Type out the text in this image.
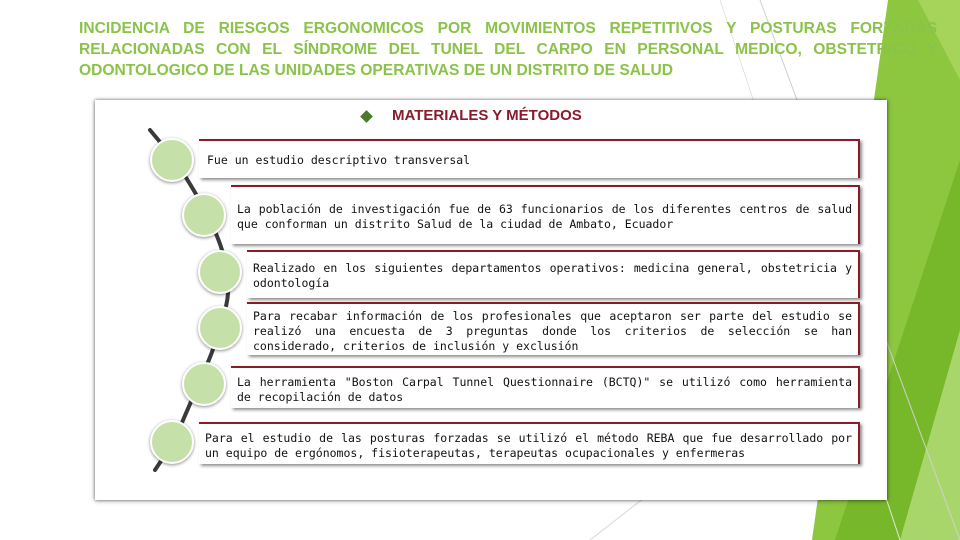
INCIDENCIA DE RIESGOS ERGONOMICOS POR MOVIMIENTOS REPETITIVOS Y POSTURAS FORZADAS RELACIONADAS CON EL SÍNDROME DEL TUNEL DEL CARPO EN PERSONAL MEDICO, OBSTETRICO Y ODONTOLOGICO DE LAS UNIDADES OPERATIVAS DE UN DISTRITO DE SALUD
MATERIALES Y MÉTODOS
Fue un estudio descriptivo transversal
La población de investigación fue de 63 funcionarios de los diferentes centros de salud que conforman un distrito Salud de la ciudad de Ambato, Ecuador
Realizado en los siguientes departamentos operativos: medicina general, obstetricia y odontología
Para recabar información de los profesionales que aceptaron ser parte del estudio se realizó una encuesta de 3 preguntas donde los criterios de selección se han considerado, criterios de inclusión y exclusión
La herramienta "Boston Carpal Tunnel Questionnaire (BCTQ)" se utilizó como herramienta de recopilación de datos
Para el estudio de las posturas forzadas se utilizó el método REBA que fue desarrollado por un equipo de ergónomos, fisioterapeutas, terapeutas ocupacionales y enfermeras
